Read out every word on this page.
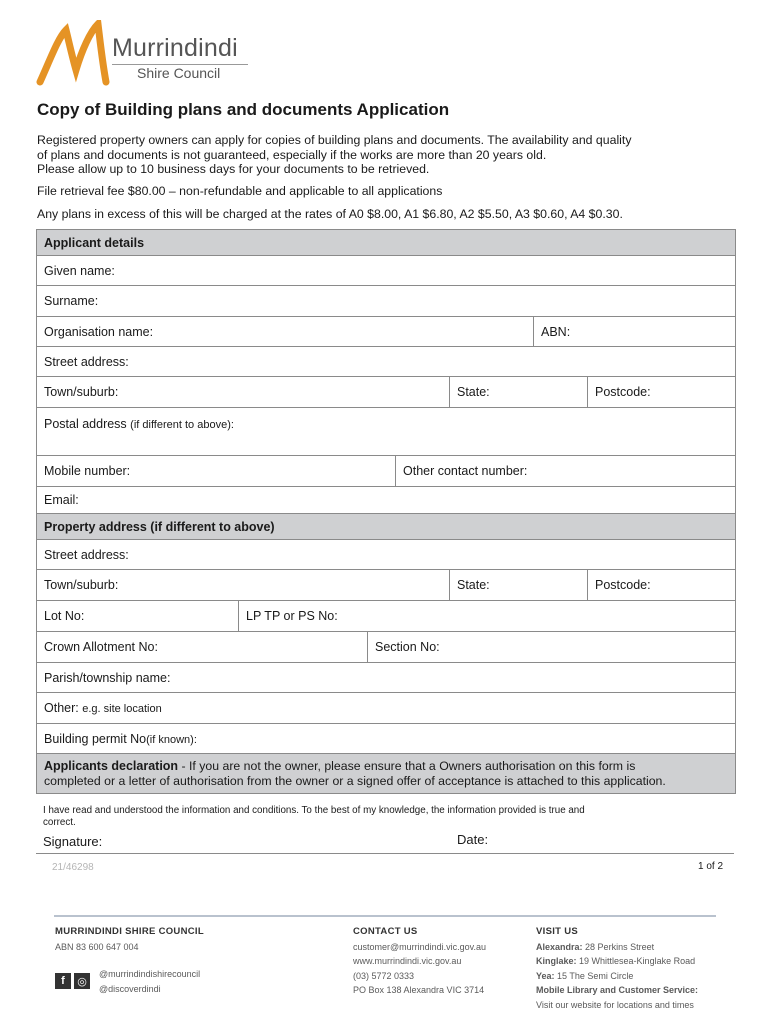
Murrindindi
Shire Council
Copy of Building plans and documents Application
Registered property owners can apply for copies of building plans and documents. The availability and quality
of plans and documents is not guaranteed, especially if the works are more than 20 years old.
Please allow up to 10 business days for your documents to be retrieved.
File retrieval fee $80.00 – non-refundable and applicable to all applications
Any plans in excess of this will be charged at the rates of A0 $8.00, A1 $6.80, A2 $5.50, A3 $0.60, A4 $0.30.
Applicant details
Given name:
Surname:
Organisation name:	ABN:
Street address:
Town/suburb:	State:	Postcode:
Postal address (if different to above):
Mobile number:	Other contact number:
Email:
Property address (if different to above)
Street address:
Town/suburb:	State:	Postcode:
Lot No:	LP TP or PS No:
Crown Allotment No:	Section No:
Parish/township name:
Other: e.g. site location
Building permit No(if known):
Applicants declaration - If you are not the owner, please ensure that a Owners authorisation on this form is
completed or a letter of authorisation from the owner or a signed offer of acceptance is attached to this application.
I have read and understood the information and conditions. To the best of my knowledge, the information provided is true and
correct.
Signature:	Date:
21/46298	1 of 2
MURRINDINDI SHIRE COUNCIL
ABN 83 600 647 004
f	◎
@murrindindishirecouncil
@discoverdindi
CONTACT US
customer@murrindindi.vic.gov.au
www.murrindindi.vic.gov.au
(03) 5772 0333
PO Box 138 Alexandra VIC 3714
VISIT US
Alexandra: 28 Perkins Street
Kinglake: 19 Whittlesea-Kinglake Road
Yea: 15 The Semi Circle
Mobile Library and Customer Service:
Visit our website for locations and times
